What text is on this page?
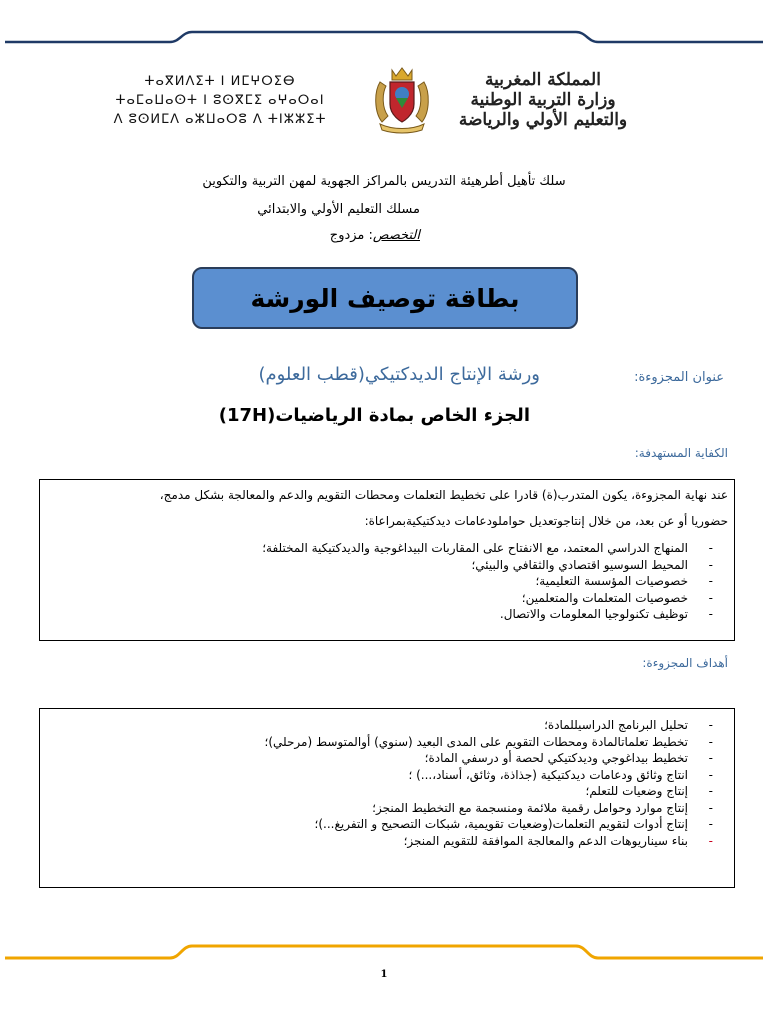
ⵜⴰⴳⵍⴷⵉⵜ ⵏ ⵍⵎⵖⵔⵉⴱ
ⵜⴰⵎⴰⵡⴰⵙⵜ ⵏ ⵓⵙⴳⵎⵉ ⴰⵖⴰⵔⴰⵏ
ⴷ ⵓⵙⵍⵎⴷ ⴰⵣⵡⴰⵔⵓ ⴷ ⵜⵏⵣⵣⵉⵜ
المملكة المغربية
وزارة التربية الوطنية
والتعليم الأولي والرياضة
سلك تأهيل أطرهيئة التدريس بالمراكز الجهوية لمهن التربية والتكوين
مسلك التعليم الأولي والابتدائي
التخصص: مزدوج
بطاقة توصيف الورشة
عنوان المجزوءة:
ورشة الإنتاج الديدكتيكي(قطب العلوم)
الجزء الخاص بمادة الرياضيات(17H)
الكفاية المستهدفة:

عند نهاية المجزوءة، يكون المتدرب(ة) قادرا على تخطيط التعلمات ومحطات التقويم والدعم والمعالجة بشكل مدمج،

حضوريا أو عن بعد، من خلال إنتاجوتعديل حواملودعامات ديدكتيكيةبمراعاة:

-
المنهاج الدراسي المعتمد، مع الانفتاح على المقاربات البيداغوجية والديدكتيكية المختلفة؛
-
المحيط السوسيو اقتصادي والثقافي والبيئي؛
-
خصوصيات المؤسسة التعليمية؛
-
خصوصيات المتعلمات والمتعلمين؛
-
توظيف تكنولوجيا المعلومات والاتصال.
أهداف المجزوءة:
-
تحليل البرنامج الدراسيللمادة؛
-
تخطيط تعلماتالمادة ومحطات التقويم على المدى البعيد (سنوي) أوالمتوسط (مرحلي)؛
-
تخطيط بيداغوجي وديدكتيكي لحصة أو درسفي المادة؛
-
انتاج وثائق ودعامات ديدكتيكية (جذاذة، وثائق، أسناد،...) ؛
-
إنتاج وضعيات للتعلم؛
-
إنتاج موارد وحوامل رقمية ملائمة ومنسجمة مع التخطيط المنجز؛
-
إنتاج أدوات لتقويم التعلمات(وضعيات تقويمية، شبكات التصحيح و التفريغ...)؛
-
بناء سيناريوهات الدعم والمعالجة الموافقة للتقويم المنجز؛
1
